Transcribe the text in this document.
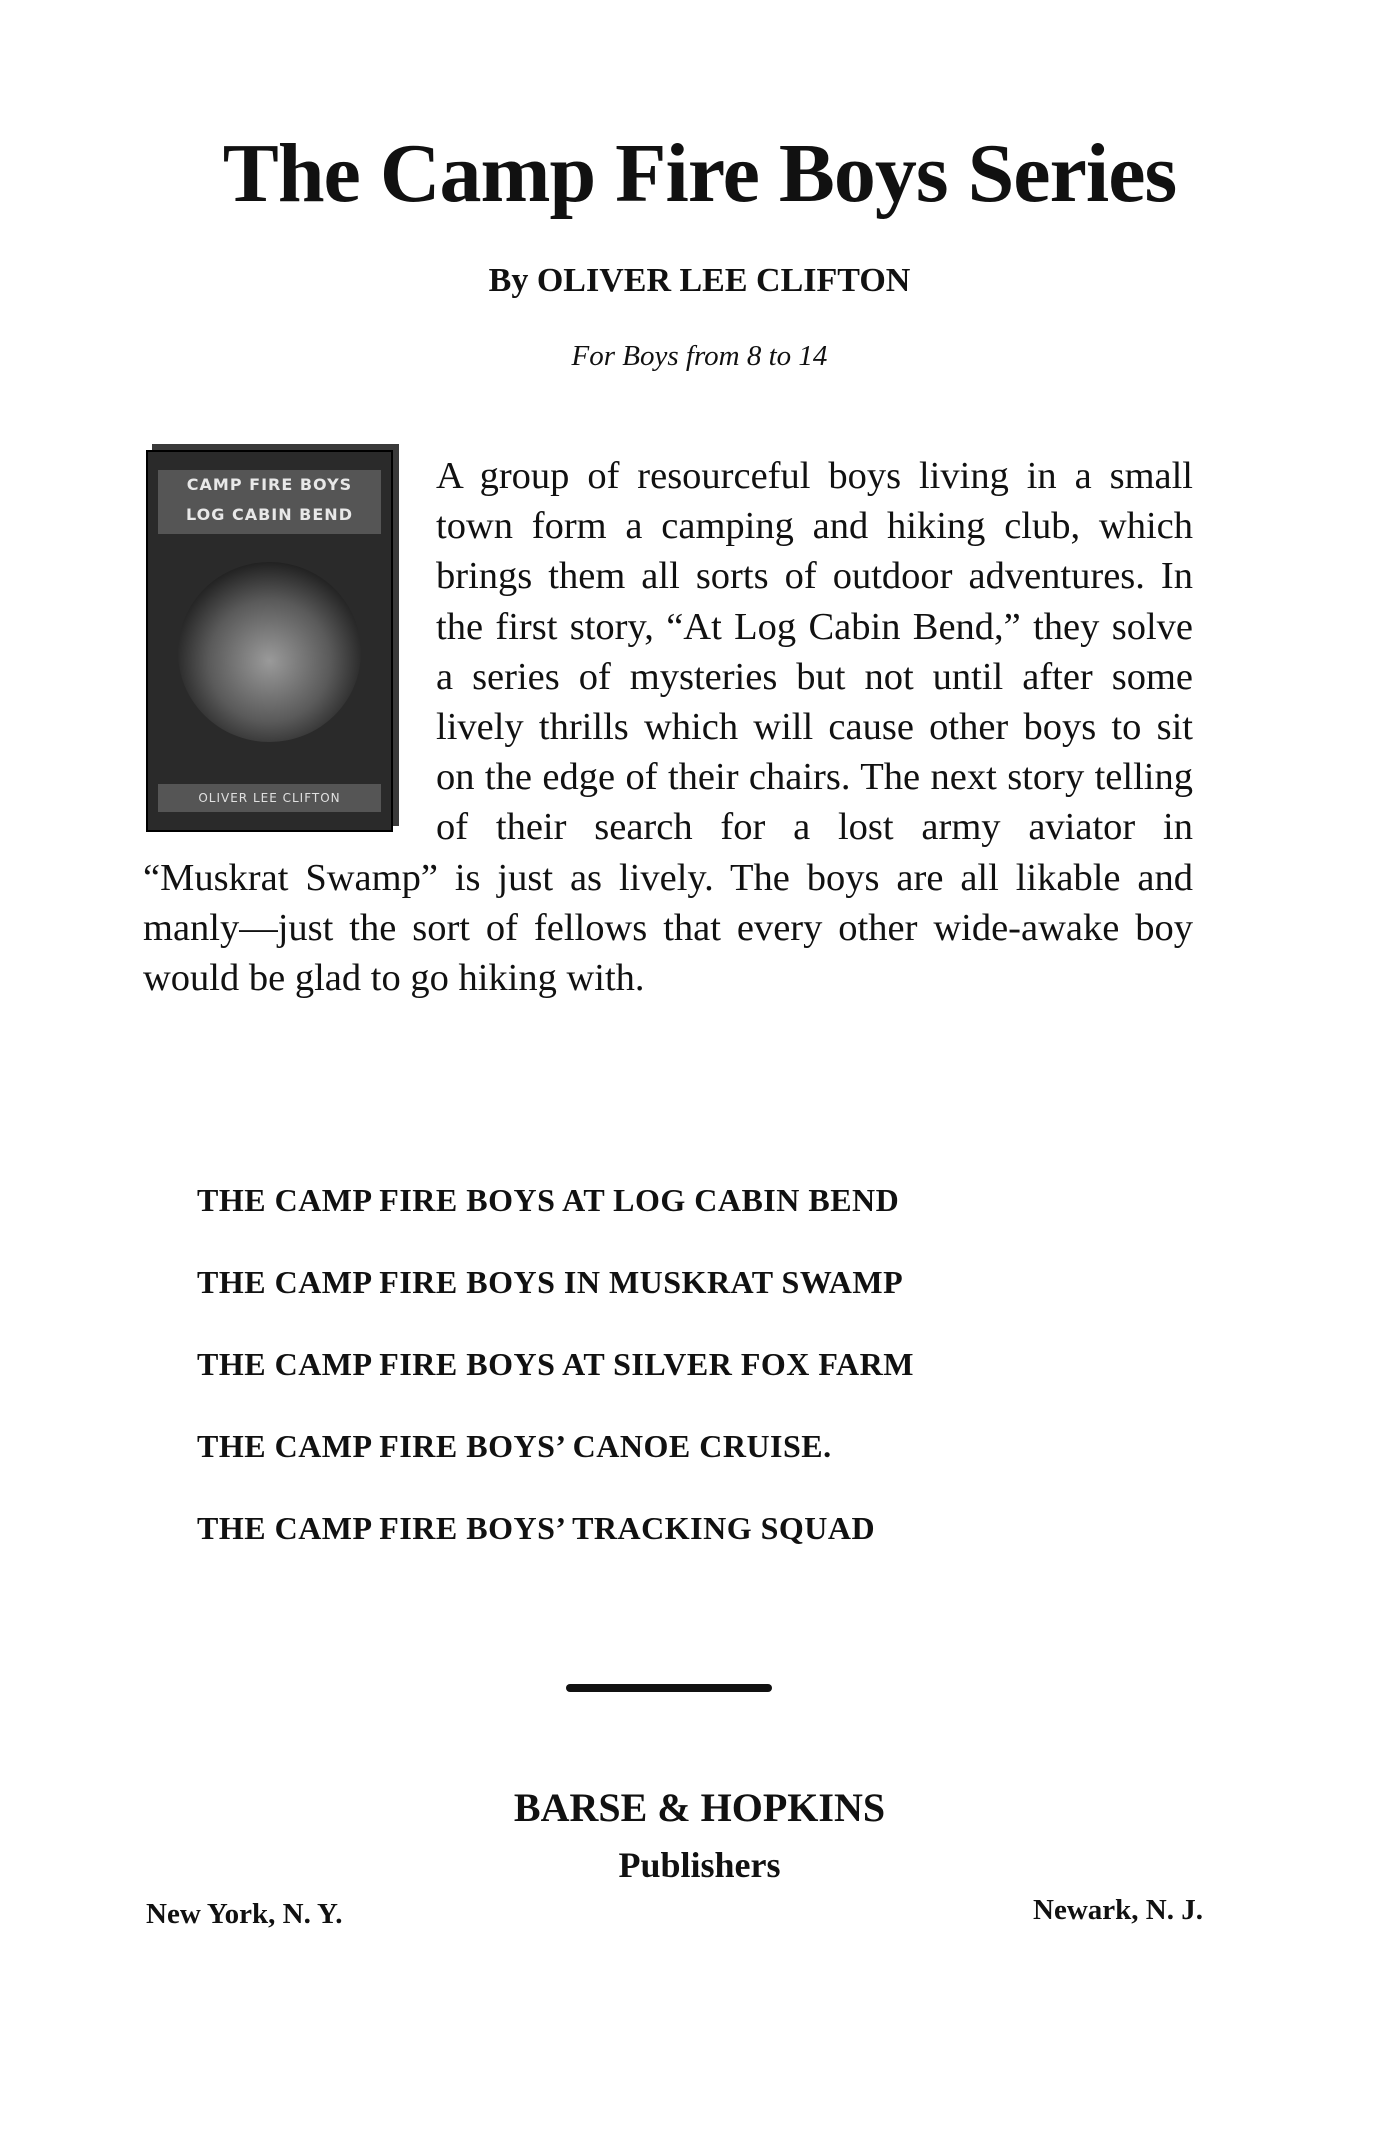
The Camp Fire Boys Series
By OLIVER LEE CLIFTON
For Boys from 8 to 14
CAMP FIRE BOYS
LOG CABIN BEND
OLIVER LEE CLIFTON
A group of resourceful boys living in a small town form a camping and hiking club, which brings them all sorts of outdoor adventures. In the first story, “At Log Cabin Bend,” they solve a series of mysteries but not until after some lively thrills which will cause other boys to sit on the edge of their chairs. The next story telling of their search for a lost army aviator in “Muskrat Swamp” is just as lively. The boys are all likable and manly—just the sort of fellows that every other wide-awake boy would be glad to go hiking with.
THE CAMP FIRE BOYS AT LOG CABIN BEND
THE CAMP FIRE BOYS IN MUSKRAT SWAMP
THE CAMP FIRE BOYS AT SILVER FOX FARM
THE CAMP FIRE BOYS’ CANOE CRUISE.
THE CAMP FIRE BOYS’ TRACKING SQUAD
BARSE & HOPKINS
Publishers
New York, N. Y.	Newark, N. J.
